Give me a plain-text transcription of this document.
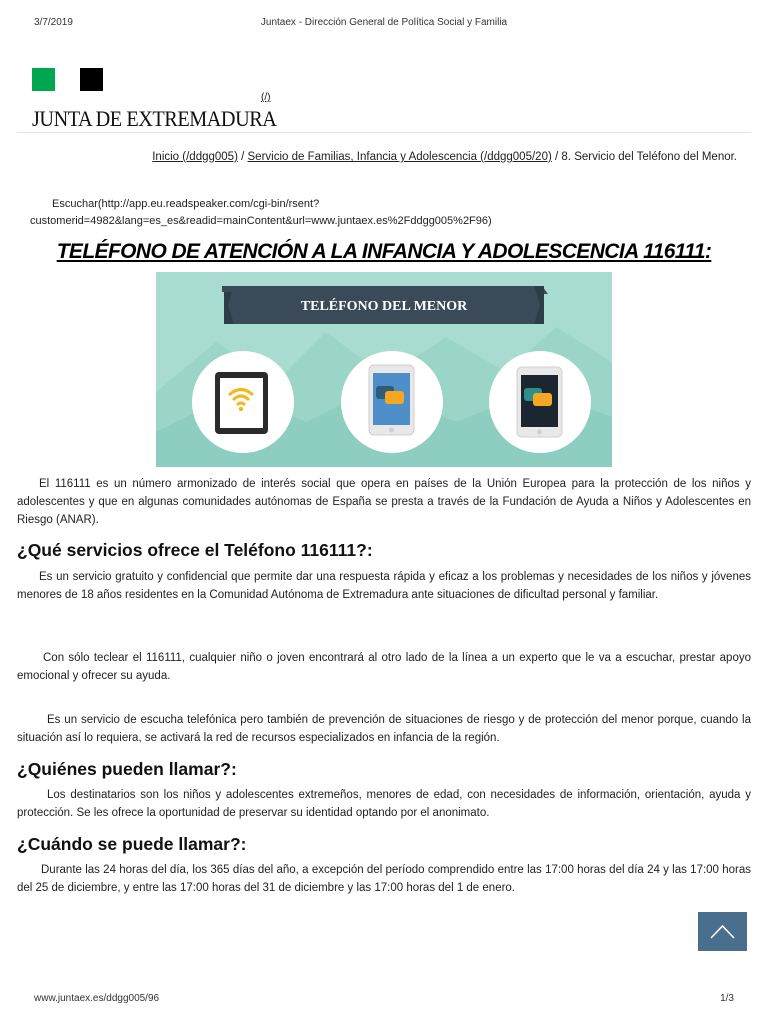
3/7/2019	Juntaex - Dirección General de Política Social y Familia
JUNTA DE EXTREMADURA
(/)
Inicio (/ddgg005) / Servicio de Familias, Infancia y Adolescencia (/ddgg005/20) / 8. Servicio del Teléfono del Menor.
Escuchar(http://app.eu.readspeaker.com/cgi-bin/rsent?
customerid=4982&lang=es_es&readid=mainContent&url=www.juntaex.es%2Fddgg005%2F96)
TELÉFONO DE ATENCIÓN A LA INFANCIA Y ADOLESCENCIA 116111:
TELÉFONO DEL MENOR

El 116111 es un número armonizado de interés social que opera en países de la Unión Europea para la protección de los niños y adolescentes y que en algunas comunidades autónomas de España se presta a través de la Fundación de Ayuda a Niños y Adolescentes en Riesgo (ANAR).

¿Qué servicios ofrece el Teléfono 116111?:

Es un servicio gratuito y confidencial que permite dar una respuesta rápida y eficaz a los problemas y necesidades de los niños y jóvenes menores de 18 años residentes en la Comunidad Autónoma de Extremadura ante situaciones de dificultad personal y familiar.

Con sólo teclear el 116111, cualquier niño o joven encontrará al otro lado de la línea a un experto que le va a escuchar, prestar apoyo emocional y ofrecer su ayuda.

Es un servicio de escucha telefónica pero también de prevención de situaciones de riesgo y de protección del menor porque, cuando la situación así lo requiera, se activará la red de recursos especializados en infancia de la región.

¿Quiénes pueden llamar?:

Los destinatarios son los niños y adolescentes extremeños, menores de edad, con necesidades de información, orientación, ayuda y protección. Se les ofrece la oportunidad de preservar su identidad optando por el anonimato.

¿Cuándo se puede llamar?:

Durante las 24 horas del día, los 365 días del año, a excepción del período comprendido entre las 17:00 horas del día 24 y las 17:00 horas del 25 de diciembre, y entre las 17:00 horas del 31 de diciembre y las 17:00 horas del 1 de enero.

www.juntaex.es/ddgg005/96	1/3
